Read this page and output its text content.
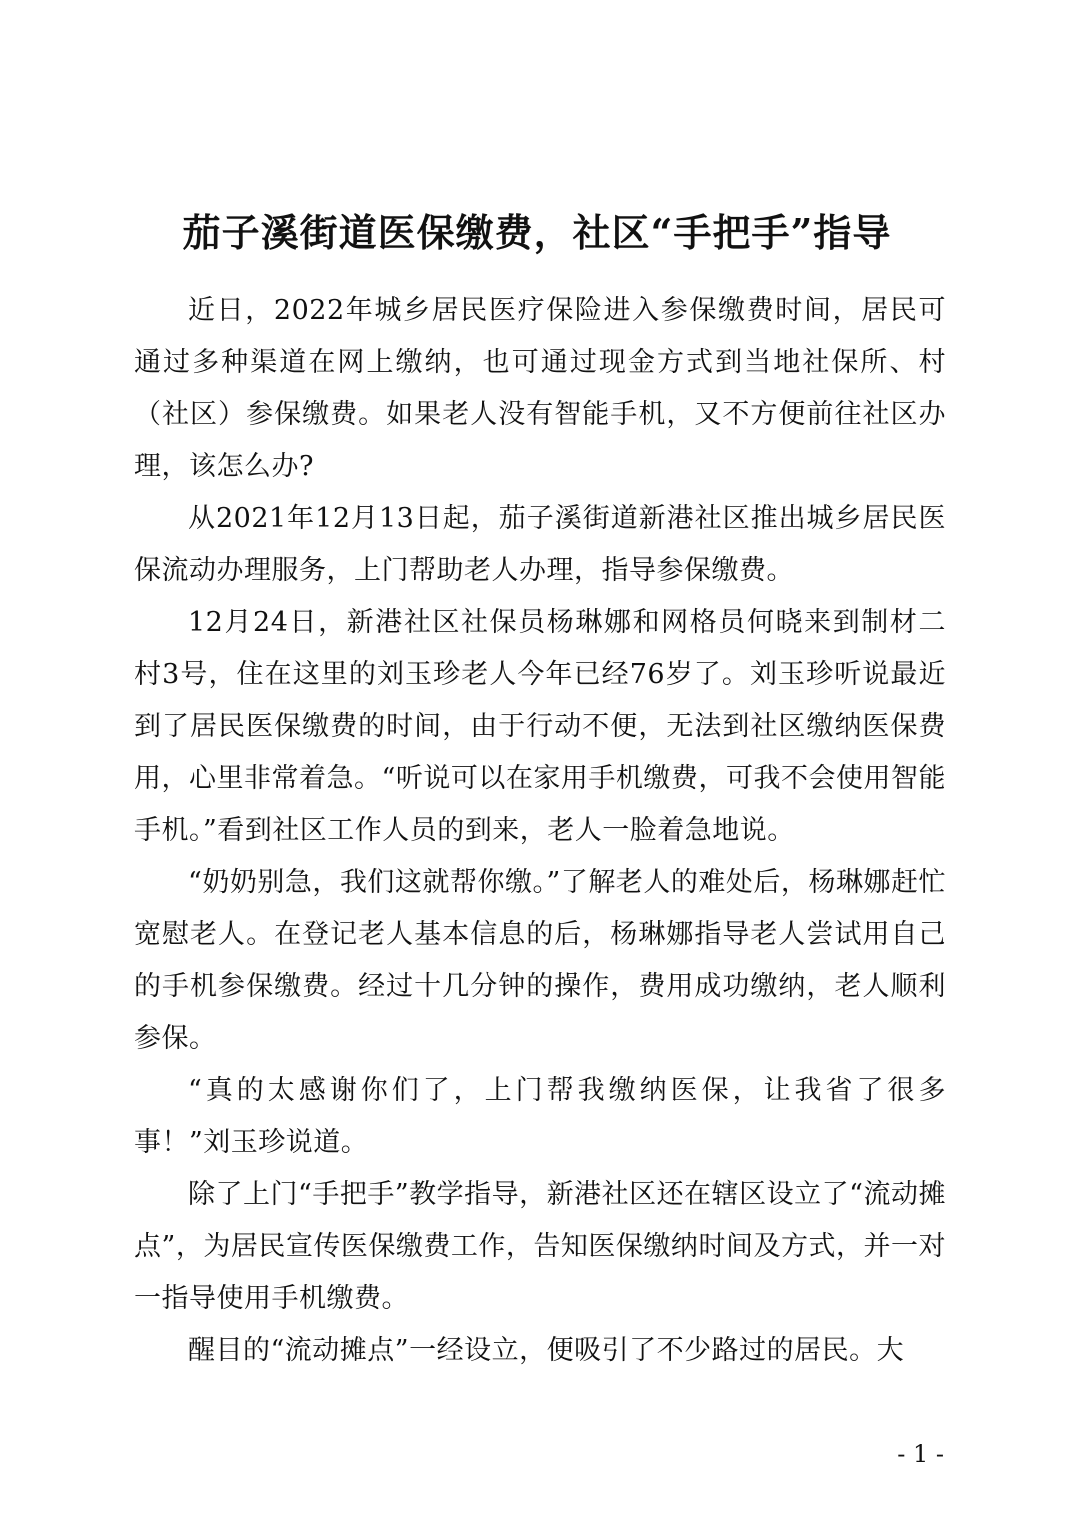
茄子溪街道医保缴费，社区“手把手”指导

近日，2022年城乡居民医疗保险进入参保缴费时间，居民可通过多种渠道在网上缴纳，也可通过现金方式到当地社保所、村（社区）参保缴费。如果老人没有智能手机，又不方便前往社区办理，该怎么办?

从2021年12月13日起，茄子溪街道新港社区推出城乡居民医保流动办理服务，上门帮助老人办理，指导参保缴费。

12月24日，新港社区社保员杨琳娜和网格员何晓来到制材二村3号，住在这里的刘玉珍老人今年已经76岁了。刘玉珍听说最近到了居民医保缴费的时间，由于行动不便，无法到社区缴纳医保费用，心里非常着急。“听说可以在家用手机缴费，可我不会使用智能手机。”看到社区工作人员的到来，老人一脸着急地说。

“奶奶别急，我们这就帮你缴。”了解老人的难处后，杨琳娜赶忙宽慰老人。在登记老人基本信息的后，杨琳娜指导老人尝试用自己的手机参保缴费。经过十几分钟的操作，费用成功缴纳，老人顺利参保。

“真的太感谢你们了，上门帮我缴纳医保，让我省了很多事！”刘玉珍说道。

除了上门“手把手”教学指导，新港社区还在辖区设立了“流动摊点”，为居民宣传医保缴费工作，告知医保缴纳时间及方式，并一对一指导使用手机缴费。

醒目的“流动摊点”一经设立，便吸引了不少路过的居民。大

- 1 -
